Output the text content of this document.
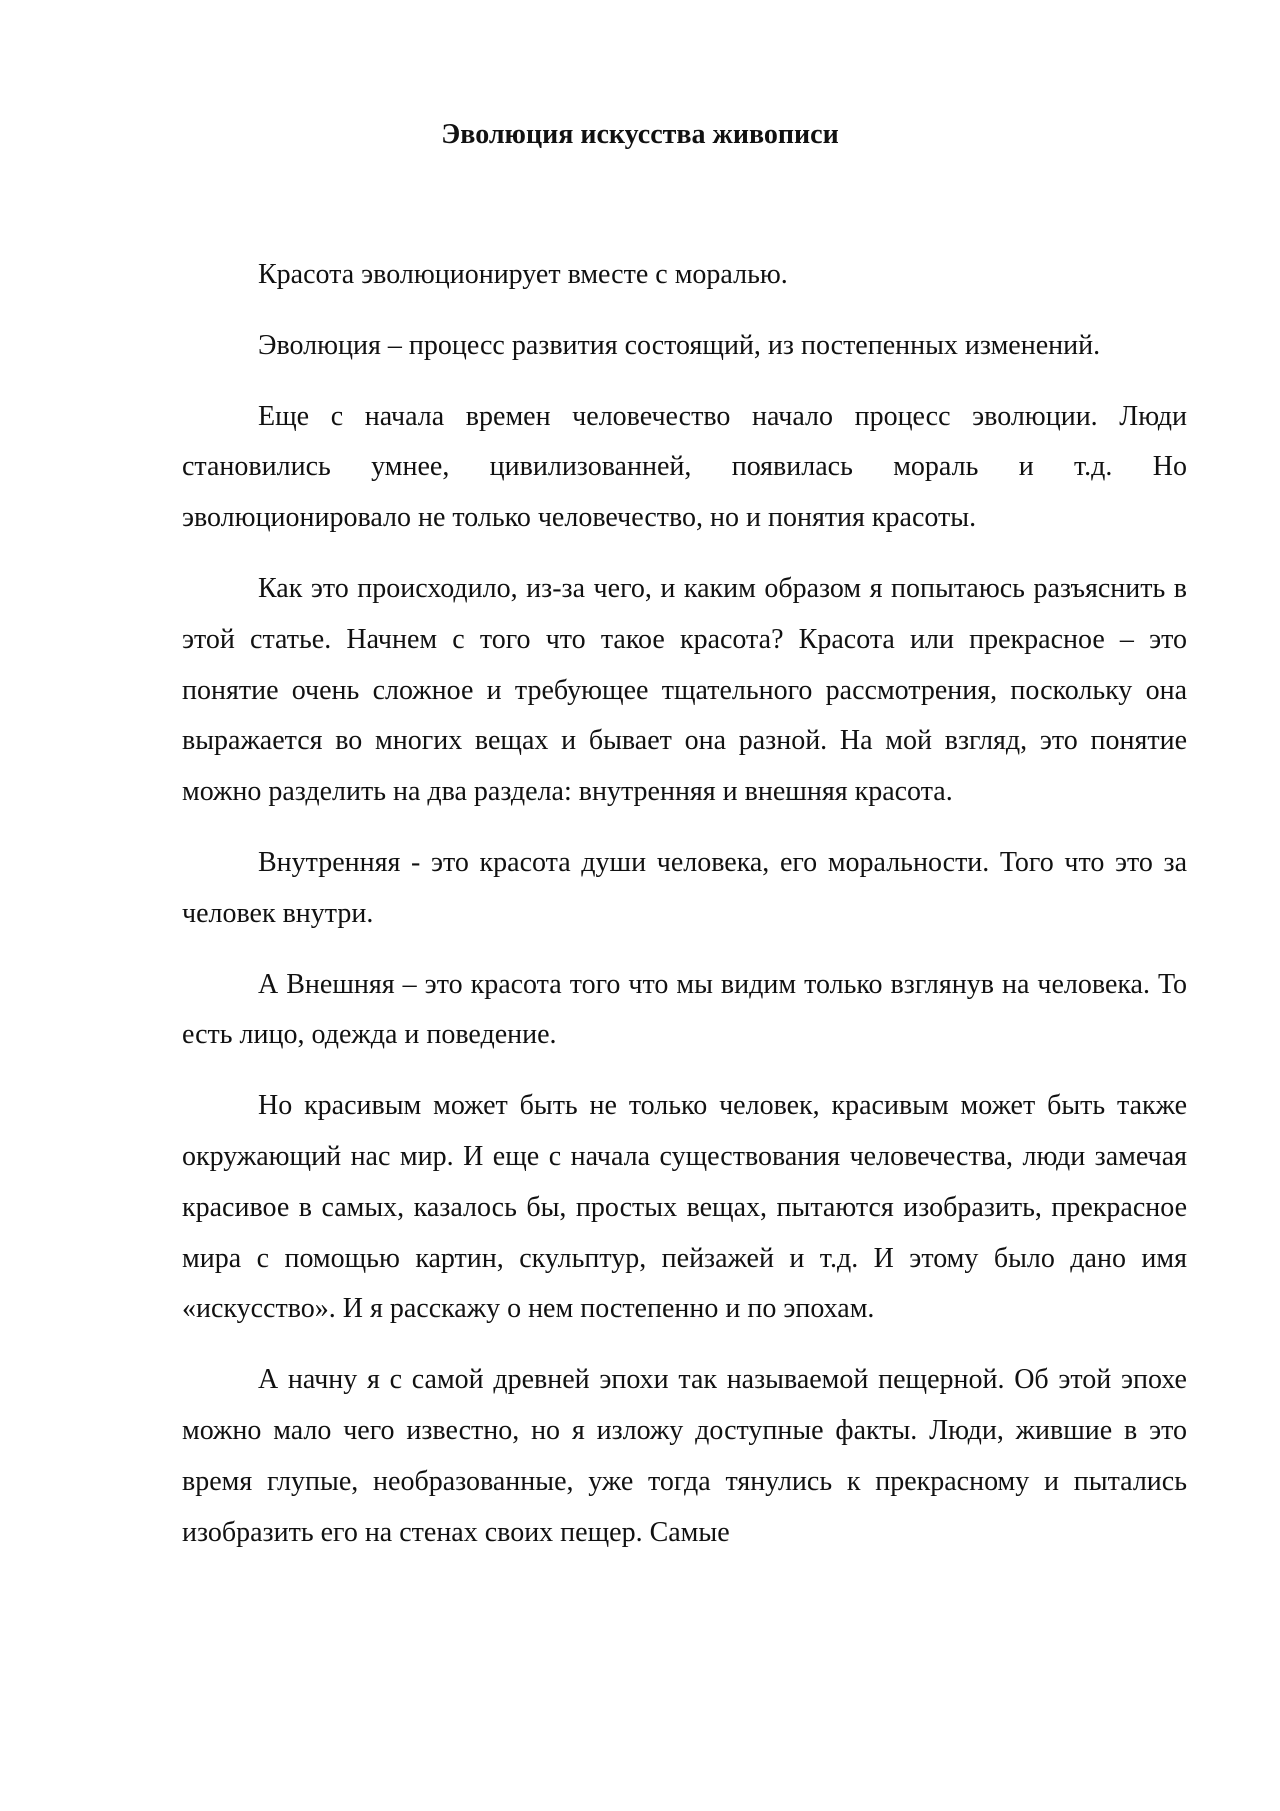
Эволюция искусства живописи

Красота эволюционирует вместе с моралью.

Эволюция – процесс развития состоящий, из постепенных изменений.

Еще с начала времен человечество начало процесс эволюции. Люди становились умнее, цивилизованней, появилась мораль и т.д. Но эволюционировало не только человечество, но и понятия красоты.

Как это происходило, из-за чего, и каким образом я попытаюсь разъяснить в этой статье. Начнем с того что такое красота? Красота или прекрасное – это понятие очень сложное и требующее тщательного рассмотрения, поскольку она выражается во многих вещах и бывает она разной. На мой взгляд, это понятие можно разделить на два раздела: внутренняя и внешняя красота.

Внутренняя - это красота души человека, его моральности. Того что это за человек внутри.

А Внешняя – это красота того что мы видим только взглянув на человека. То есть лицо, одежда и поведение.

Но красивым может быть не только человек, красивым может быть также окружающий нас мир. И еще с начала существования человечества, люди замечая красивое в самых, казалось бы, простых вещах, пытаются изобразить, прекрасное мира с помощью картин, скульптур, пейзажей и т.д. И этому было дано имя «искусство». И я расскажу о нем постепенно и по эпохам.

А начну я с самой древней эпохи так называемой пещерной. Об этой эпохе можно мало чего известно, но я изложу доступные факты. Люди, жившие в это время глупые, необразованные, уже тогда тянулись к прекрасному и пытались изобразить его на стенах своих пещер. Самые
